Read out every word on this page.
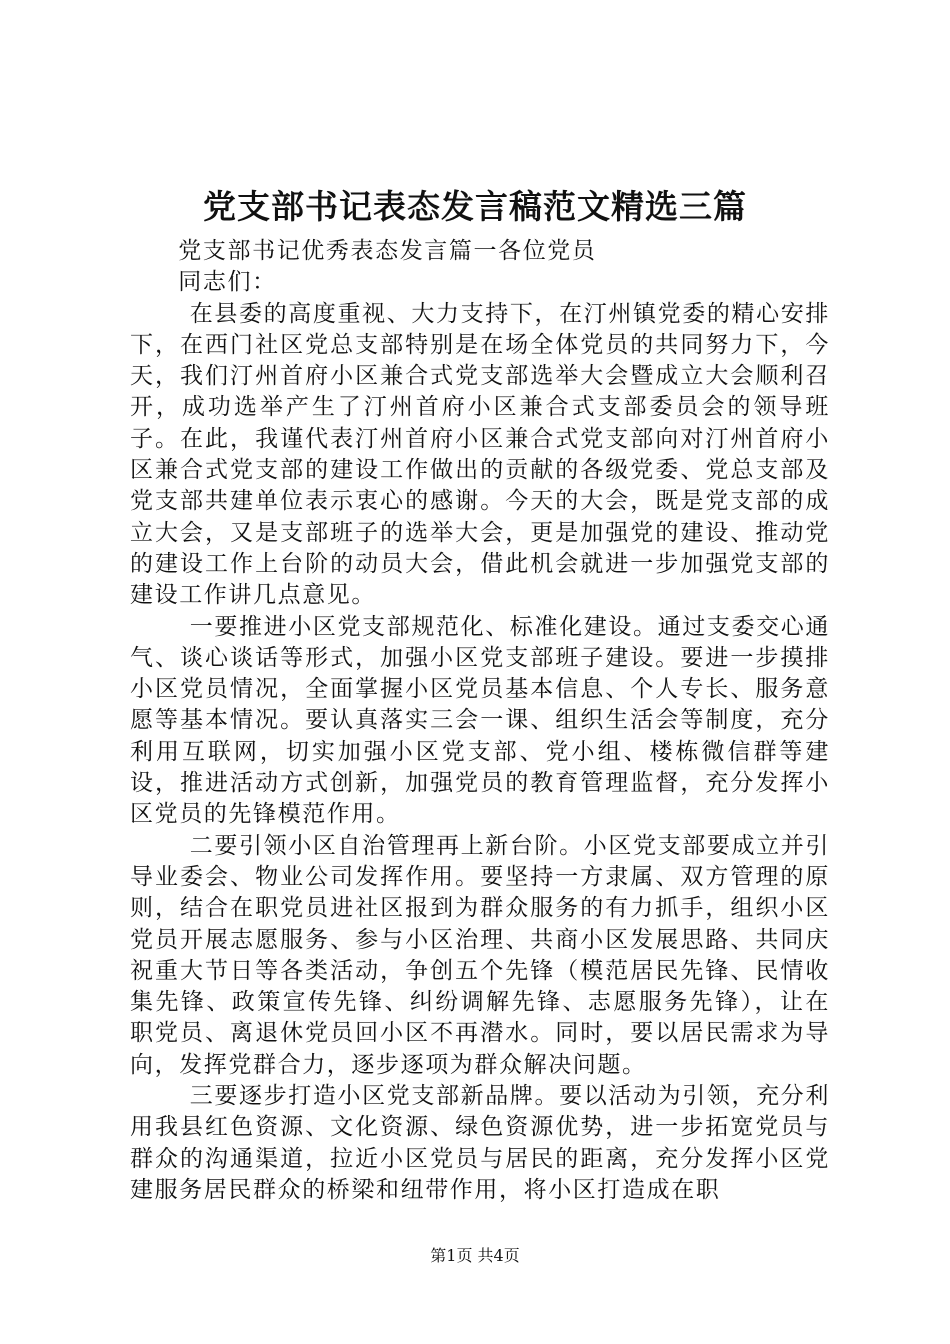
党支部书记表态发言稿范文精选三篇

党支部书记优秀表态发言篇一各位党员

同志们：

在县委的高度重视、大力支持下，在汀州镇党委的精心安排下，在西门社区党总支部特别是在场全体党员的共同努力下，今天，我们汀州首府小区兼合式党支部选举大会暨成立大会顺利召开，成功选举产生了汀州首府小区兼合式支部委员会的领导班子。在此，我谨代表汀州首府小区兼合式党支部向对汀州首府小区兼合式党支部的建设工作做出的贡献的各级党委、党总支部及党支部共建单位表示衷心的感谢。今天的大会，既是党支部的成立大会，又是支部班子的选举大会，更是加强党的建设、推动党的建设工作上台阶的动员大会，借此机会就进一步加强党支部的建设工作讲几点意见。

一要推进小区党支部规范化、标准化建设。通过支委交心通气、谈心谈话等形式，加强小区党支部班子建设。要进一步摸排小区党员情况，全面掌握小区党员基本信息、个人专长、服务意愿等基本情况。要认真落实三会一课、组织生活会等制度，充分利用互联网，切实加强小区党支部、党小组、楼栋微信群等建设，推进活动方式创新，加强党员的教育管理监督，充分发挥小区党员的先锋模范作用。

二要引领小区自治管理再上新台阶。小区党支部要成立并引导业委会、物业公司发挥作用。要坚持一方隶属、双方管理的原则，结合在职党员进社区报到为群众服务的有力抓手，组织小区党员开展志愿服务、参与小区治理、共商小区发展思路、共同庆祝重大节日等各类活动，争创五个先锋（模范居民先锋、民情收集先锋、政策宣传先锋、纠纷调解先锋、志愿服务先锋），让在职党员、离退休党员回小区不再潜水。同时，要以居民需求为导向，发挥党群合力，逐步逐项为群众解决问题。

三要逐步打造小区党支部新品牌。要以活动为引领，充分利用我县红色资源、文化资源、绿色资源优势，进一步拓宽党员与群众的沟通渠道，拉近小区党员与居民的距离，充分发挥小区党建服务居民群众的桥梁和纽带作用，将小区打造成在职

第1页 共4页
